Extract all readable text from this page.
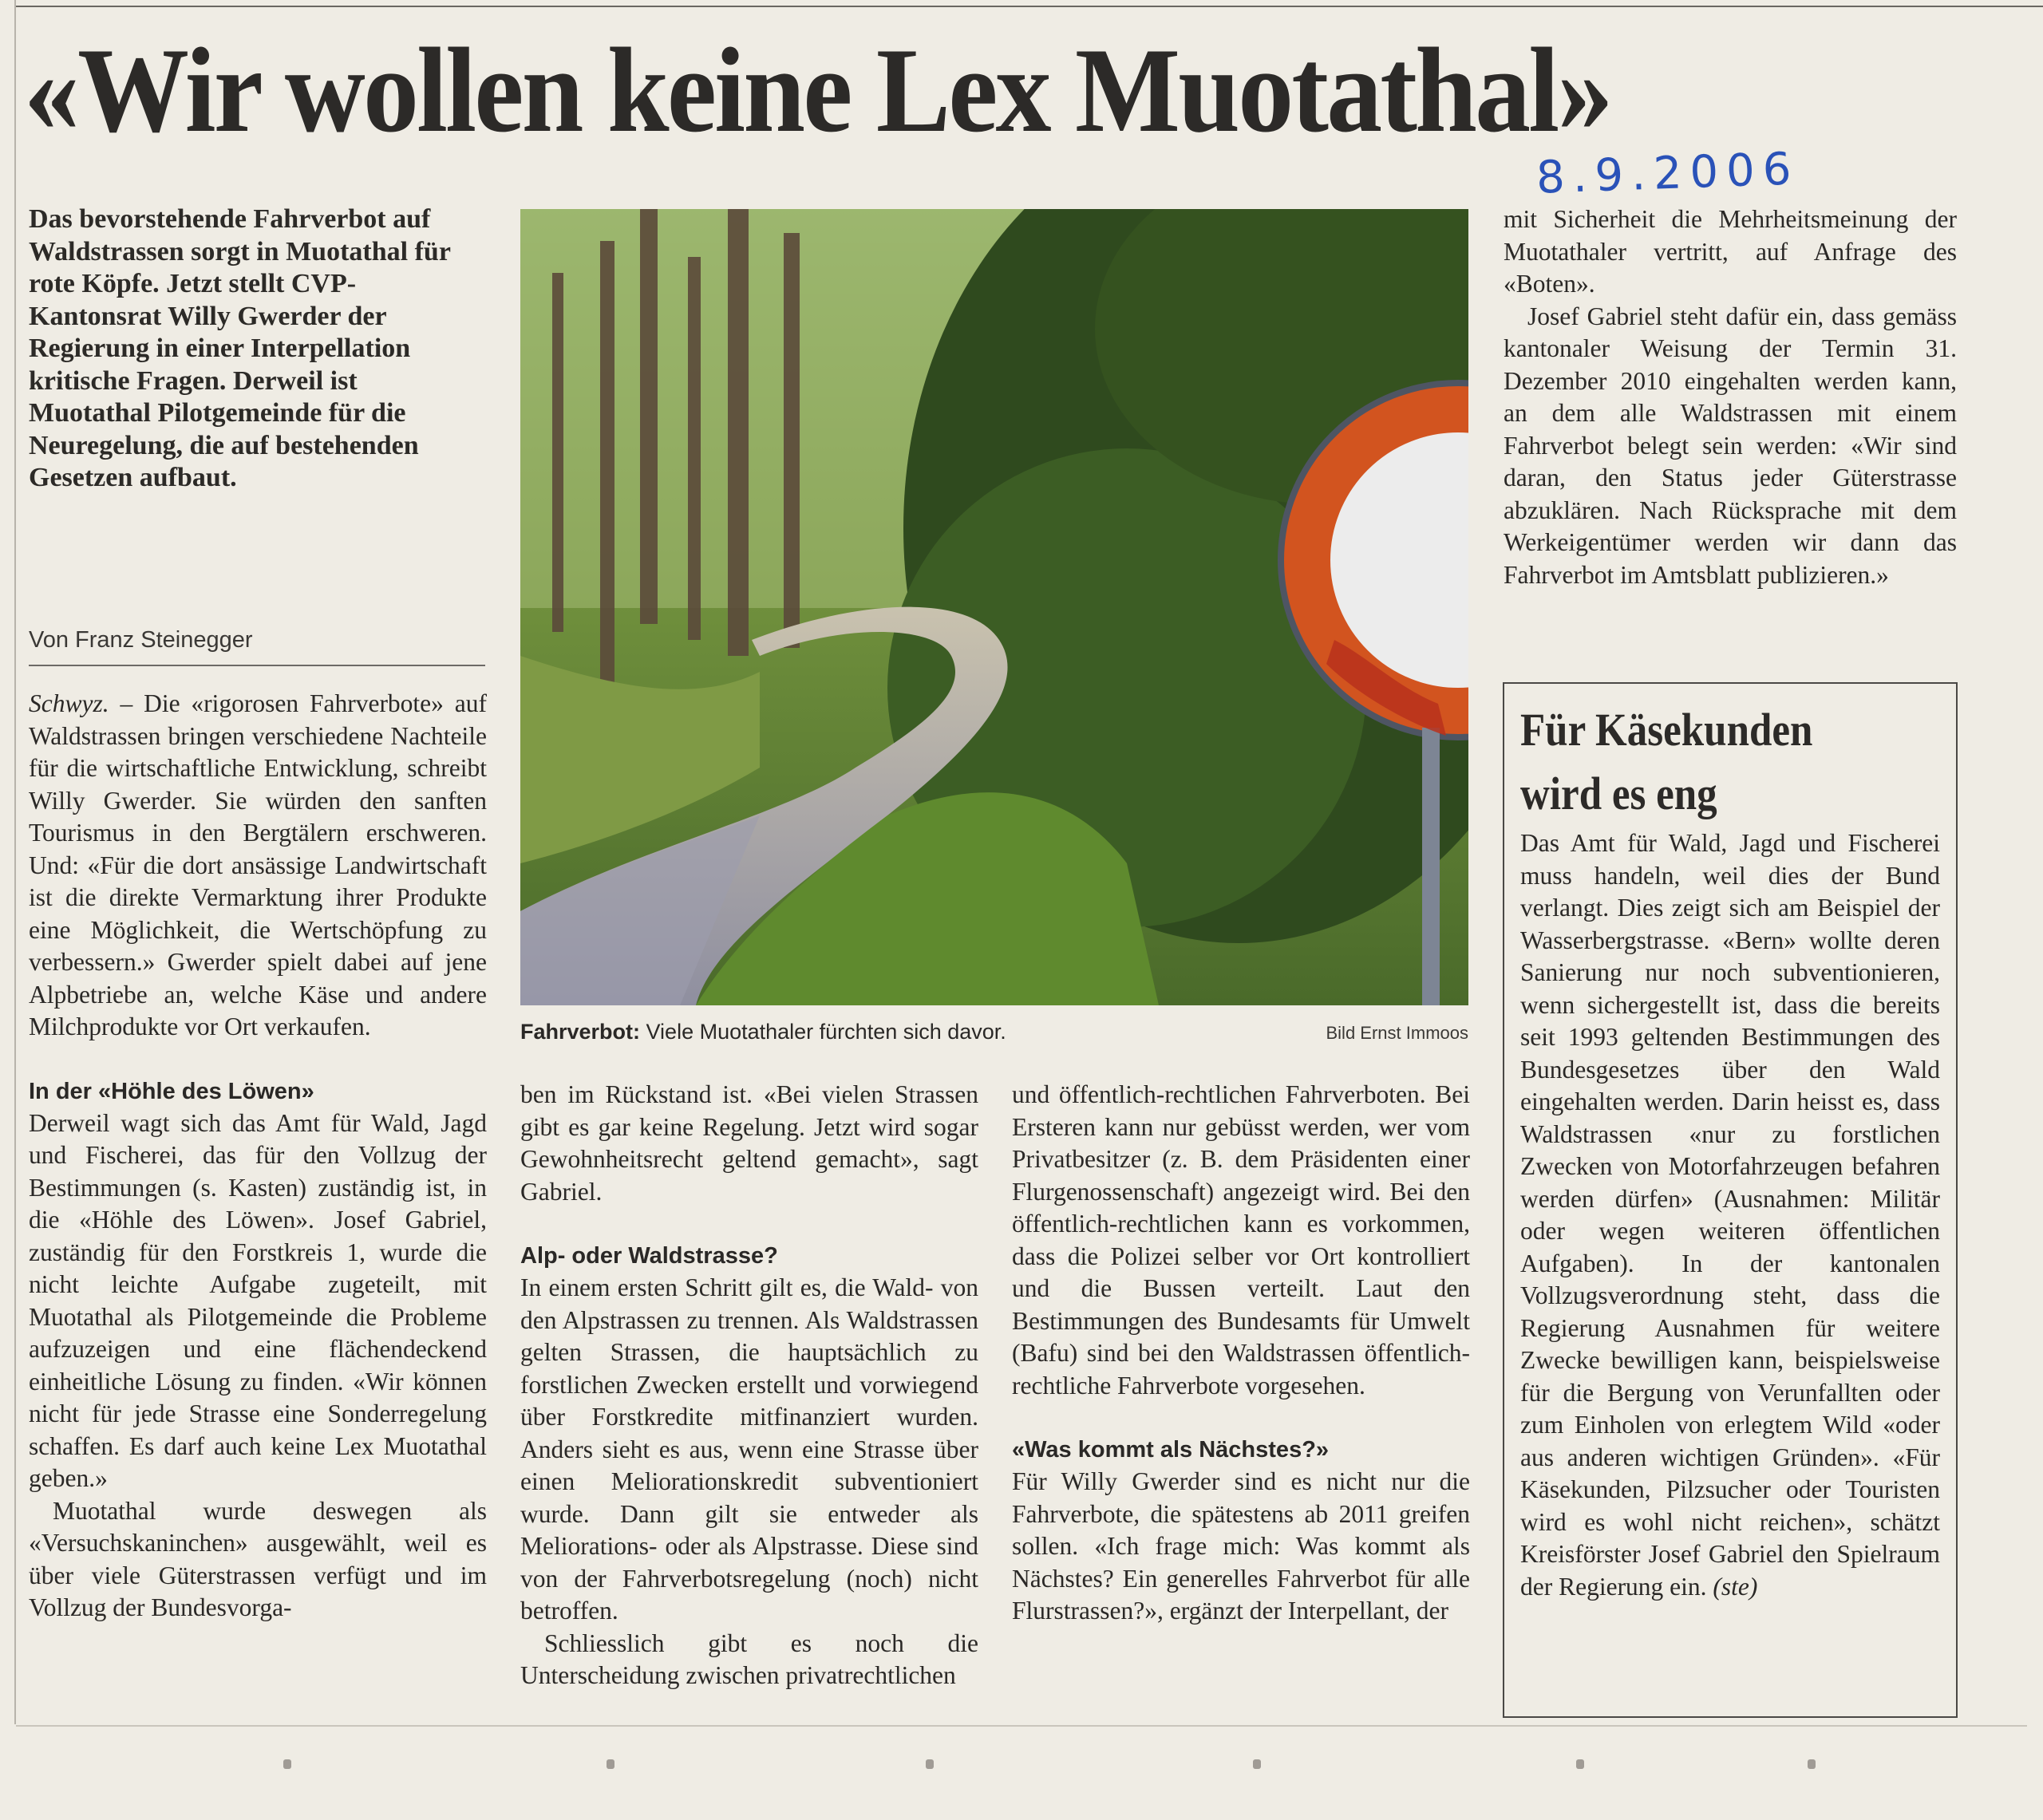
«Wir wollen keine Lex Muotathal»
8.9.2006
Das bevorstehende Fahrverbot auf Waldstrassen sorgt in Muotathal für rote Köpfe. Jetzt stellt CVP-Kantonsrat Willy Gwerder der Regierung in einer Interpellation kritische Fragen. Derweil ist Muotathal Pilotgemeinde für die Neuregelung, die auf bestehenden Gesetzen aufbaut.
Von Franz Steinegger

Schwyz. – Die «rigorosen Fahrverbote» auf Waldstrassen bringen verschiedene Nachteile für die wirtschaftliche Entwicklung, schreibt Willy Gwerder. Sie würden den sanften Tourismus in den Bergtälern erschweren. Und: «Für die dort ansässige Landwirtschaft ist die direkte Vermarktung ihrer Produkte eine Möglichkeit, die Wertschöpfung zu verbessern.» Gwerder spielt dabei auf jene Alpbetriebe an, welche Käse und andere Milchprodukte vor Ort verkaufen.

In der «Höhle des Löwen»

Derweil wagt sich das Amt für Wald, Jagd und Fischerei, das für den Vollzug der Bestimmungen (s. Kasten) zuständig ist, in die «Höhle des Löwen». Josef Gabriel, zuständig für den Forstkreis 1, wurde die nicht leichte Aufgabe zugeteilt, mit Muotathal als Pilotgemeinde die Probleme aufzuzeigen und eine flächendeckend einheitliche Lösung zu finden. «Wir können nicht für jede Strasse eine Sonderregelung schaffen. Es darf auch keine Lex Muotathal geben.»

Muotathal wurde deswegen als «Versuchskaninchen» ausgewählt, weil es über viele Güterstrassen verfügt und im Vollzug der Bundesvorga-

Fahrverbot: Viele Muotathaler fürchten sich davor.	Bild Ernst Immoos

ben im Rückstand ist. «Bei vielen Strassen gibt es gar keine Regelung. Jetzt wird sogar Gewohnheitsrecht geltend gemacht», sagt Gabriel.

Alp- oder Waldstrasse?

In einem ersten Schritt gilt es, die Wald- von den Alpstrassen zu trennen. Als Waldstrassen gelten Strassen, die hauptsächlich zu forstlichen Zwecken erstellt und vorwiegend über Forstkredite mitfinanziert wurden. Anders sieht es aus, wenn eine Strasse über einen Meliorationskredit subventioniert wurde. Dann gilt sie entweder als Meliorations- oder als Alpstrasse. Diese sind von der Fahrverbotsregelung (noch) nicht betroffen.

Schliesslich gibt es noch die Unterscheidung zwischen privatrechtlichen

und öffentlich-rechtlichen Fahrverboten. Bei Ersteren kann nur gebüsst werden, wer vom Privatbesitzer (z. B. dem Präsidenten einer Flurgenossenschaft) angezeigt wird. Bei den öffentlich-rechtlichen kann es vorkommen, dass die Polizei selber vor Ort kontrolliert und die Bussen verteilt. Laut den Bestimmungen des Bundesamts für Umwelt (Bafu) sind bei den Waldstrassen öffentlich-rechtliche Fahrverbote vorgesehen.

«Was kommt als Nächstes?»

Für Willy Gwerder sind es nicht nur die Fahrverbote, die spätestens ab 2011 greifen sollen. «Ich frage mich: Was kommt als Nächstes? Ein generelles Fahrverbot für alle Flurstrassen?», ergänzt der Interpellant, der

mit Sicherheit die Mehrheitsmeinung der Muotathaler vertritt, auf Anfrage des «Boten».

Josef Gabriel steht dafür ein, dass gemäss kantonaler Weisung der Termin 31. Dezember 2010 eingehalten werden kann, an dem alle Waldstrassen mit einem Fahrverbot belegt sein werden: «Wir sind daran, den Status jeder Güterstrasse abzuklären. Nach Rücksprache mit dem Werkeigentümer werden wir dann das Fahrverbot im Amtsblatt publizieren.»

Für Käsekunden
wird es eng
Das Amt für Wald, Jagd und Fischerei muss handeln, weil dies der Bund verlangt. Dies zeigt sich am Beispiel der Wasserbergstrasse. «Bern» wollte deren Sanierung nur noch subventionieren, wenn sichergestellt ist, dass die bereits seit 1993 geltenden Bestimmungen des Bundesgesetzes über den Wald eingehalten werden. Darin heisst es, dass Waldstrassen «nur zu forstlichen Zwecken von Motorfahrzeugen befahren werden dürfen» (Ausnahmen: Militär oder wegen weiteren öffentlichen Aufgaben). In der kantonalen Vollzugsverordnung steht, dass die Regierung Ausnahmen für weitere Zwecke bewilligen kann, beispielsweise für die Bergung von Verunfallten oder zum Einholen von erlegtem Wild «oder aus anderen wichtigen Gründen». «Für Käsekunden, Pilzsucher oder Touristen wird es wohl nicht reichen», schätzt Kreisförster Josef Gabriel den Spielraum der Regierung ein. (ste)
